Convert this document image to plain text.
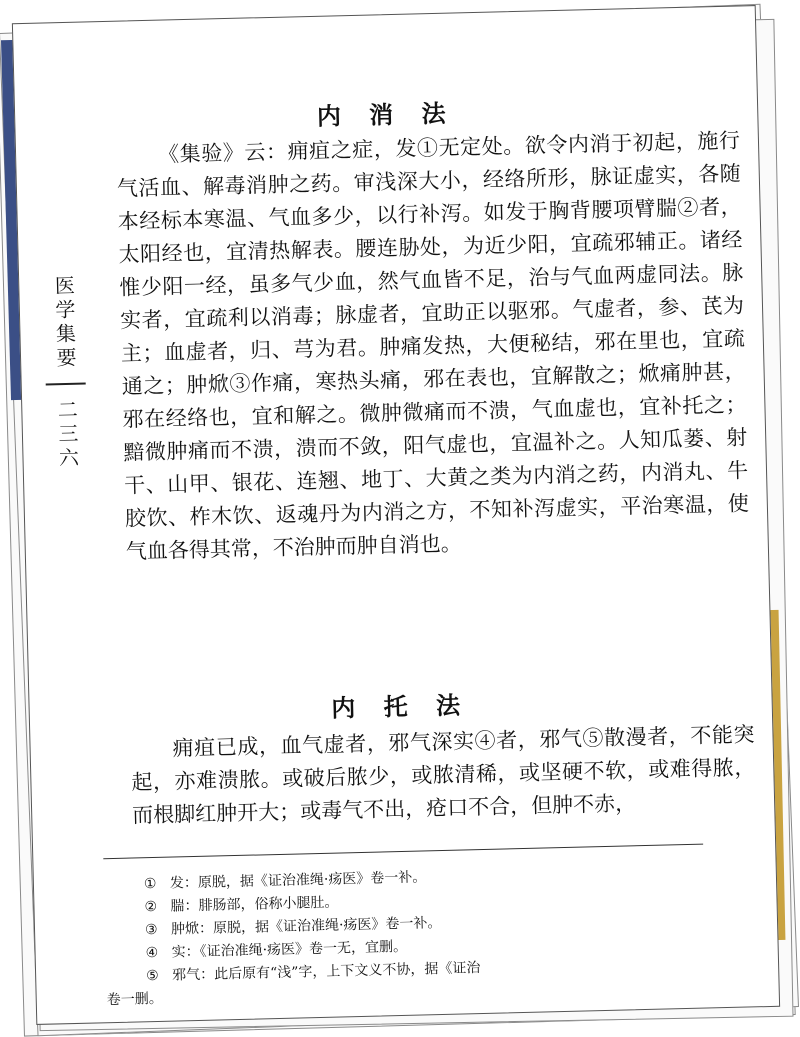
医学集要
二三六
内 消 法

《集验》云：痈疽之症，发①无定处。欲令内消于初起，施行气活血、解毒消肿之药。审浅深大小，经络所形，脉证虚实，各随本经标本寒温、气血多少，以行补泻。如发于胸背腰项臂腨②者，太阳经也，宜清热解表。腰连胁处，为近少阳，宜疏邪辅正。诸经惟少阳一经，虽多气少血，然气血皆不足，治与气血两虚同法。脉实者，宜疏利以消毒；脉虚者，宜助正以驱邪。气虚者，参、芪为主；血虚者，归、芎为君。肿痛发热，大便秘结，邪在里也，宜疏通之；肿焮③作痛，寒热头痛，邪在表也，宜解散之；焮痛肿甚，邪在经络也，宜和解之。微肿微痛而不溃，气血虚也，宜补托之；黯微肿痛而不溃，溃而不敛，阳气虚也，宜温补之。人知瓜蒌、射干、山甲、银花、连翘、地丁、大黄之类为内消之药，内消丸、牛胶饮、柞木饮、返魂丹为内消之方，不知补泻虚实，平治寒温，使气血各得其常，不治肿而肿自消也。

内 托 法

痈疽已成，血气虚者，邪气深实④者，邪气⑤散漫者，不能突起，亦难溃脓。或破后脓少，或脓清稀，或坚硬不软，或难得脓，而根脚红肿开大；或毒气不出，疮口不合，但肿不赤，

① 发：原脱，据《证治准绳·疡医》卷一补。

② 腨：腓肠部，俗称小腿肚。

③ 肿焮：原脱，据《证治准绳·疡医》卷一补。

④ 实：《证治准绳·疡医》卷一无，宜删。

⑤ 邪气：此后原有“浅”字，上下文义不协，据《证治

卷一删。
